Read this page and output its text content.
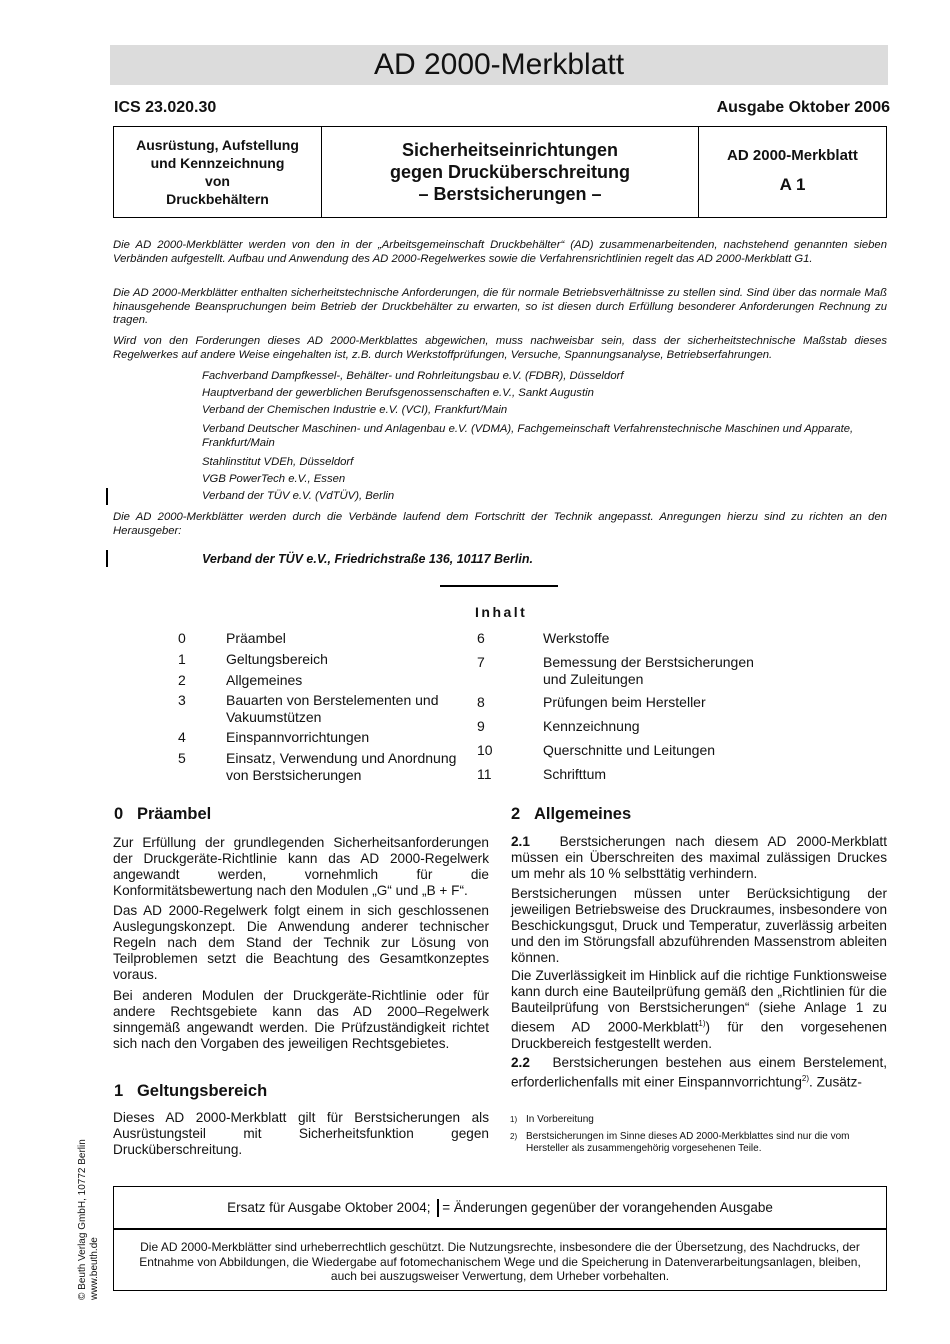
AD 2000-Merkblatt
ICS 23.020.30	Ausgabe Oktober 2006
Ausrüstung, Aufstellung
und Kennzeichnung
von
Druckbehältern
Sicherheitseinrichtungen
gegen Drucküberschreitung
– Berstsicherungen –
AD 2000-Merkblatt
A 1
Die AD 2000-Merkblätter werden von den in der „Arbeitsgemeinschaft Druckbehälter“ (AD) zusammenarbeitenden, nachstehend genannten sieben Verbänden aufgestellt. Aufbau und Anwendung des AD 2000-Regelwerkes sowie die Verfahrensrichtlinien regelt das AD 2000-Merkblatt G1.
Die AD 2000-Merkblätter enthalten sicherheitstechnische Anforderungen, die für normale Betriebsverhältnisse zu stellen sind. Sind über das normale Maß hinausgehende Beanspruchungen beim Betrieb der Druckbehälter zu erwarten, so ist diesen durch Erfüllung besonderer Anforderungen Rechnung zu tragen.
Wird von den Forderungen dieses AD 2000-Merkblattes abgewichen, muss nachweisbar sein, dass der sicherheitstechnische Maßstab dieses Regelwerkes auf andere Weise eingehalten ist, z.B. durch Werkstoffprüfungen, Versuche, Spannungsanalyse, Betriebserfahrungen.
Fachverband Dampfkessel-, Behälter- und Rohrleitungsbau e.V. (FDBR), Düsseldorf
Hauptverband der gewerblichen Berufsgenossenschaften e.V., Sankt Augustin
Verband der Chemischen Industrie e.V. (VCI), Frankfurt/Main
Verband Deutscher Maschinen- und Anlagenbau e.V. (VDMA), Fachgemeinschaft Verfahrenstechnische Maschinen und Apparate, Frankfurt/Main
Stahlinstitut VDEh, Düsseldorf
VGB PowerTech e.V., Essen
Verband der TÜV e.V. (VdTÜV), Berlin
Die AD 2000-Merkblätter werden durch die Verbände laufend dem Fortschritt der Technik angepasst. Anregungen hierzu sind zu richten an den Herausgeber:
Verband der TÜV e.V., Friedrichstraße 136, 10117 Berlin.
Inhalt
0	Präambel
1	Geltungsbereich
2	Allgemeines
3	Bauarten von Berstelementen und Vakuumstützen
4	Einspannvorrichtungen
5	Einsatz, Verwendung und Anordnung von Berstsicherungen
6	Werkstoffe
7	Bemessung der Berstsicherungen und Zuleitungen
8	Prüfungen beim Hersteller
9	Kennzeichnung
10	Querschnitte und Leitungen
11	Schrifttum
0 Präambel
Zur Erfüllung der grundlegenden Sicherheitsanforderungen der Druckgeräte-Richtlinie kann das AD 2000-Regelwerk angewandt werden, vornehmlich für die Konformitätsbewertung nach den Modulen „G“ und „B + F“.
Das AD 2000-Regelwerk folgt einem in sich geschlossenen Auslegungskonzept. Die Anwendung anderer technischer Regeln nach dem Stand der Technik zur Lösung von Teilproblemen setzt die Beachtung des Gesamtkonzeptes voraus.
Bei anderen Modulen der Druckgeräte-Richtlinie oder für andere Rechtsgebiete kann das AD 2000–Regelwerk sinngemäß angewandt werden. Die Prüfzuständigkeit richtet sich nach den Vorgaben des jeweiligen Rechtsgebietes.
1 Geltungsbereich
Dieses AD 2000-Merkblatt gilt für Berstsicherungen als Ausrüstungsteil mit Sicherheitsfunktion gegen Drucküberschreitung.
2 Allgemeines
2.1 Berstsicherungen nach diesem AD 2000-Merkblatt müssen ein Überschreiten des maximal zulässigen Druckes um mehr als 10 % selbsttätig verhindern.
Berstsicherungen müssen unter Berücksichtigung der jeweiligen Betriebsweise des Druckraumes, insbesondere von Beschickungsgut, Druck und Temperatur, zuverlässig arbeiten und den im Störungsfall abzuführenden Massenstrom ableiten können.
Die Zuverlässigkeit im Hinblick auf die richtige Funktionsweise kann durch eine Bauteilprüfung gemäß den „Richtlinien für die Bauteilprüfung von Berstsicherungen“ (siehe Anlage 1 zu diesem AD 2000-Merkblatt$^{1)}$) für den vorgesehenen Druckbereich festgestellt werden.
2.2 Berstsicherungen bestehen aus einem Berstelement, erforderlichenfalls mit einer Einspannvorrichtung$^{2)}$. Zusätz-
1) In Vorbereitung
2) Berstsicherungen im Sinne dieses AD 2000-Merkblattes sind nur die vom Hersteller als zusammengehörig vorgesehenen Teile.
© Beuth Verlag GmbH, 10772 Berlin www.beuth.de
Ersatz für Ausgabe Oktober 2004; = Änderungen gegenüber der vorangehenden Ausgabe
Die AD 2000-Merkblätter sind urheberrechtlich geschützt. Die Nutzungsrechte, insbesondere die der Übersetzung, des Nachdrucks, der Entnahme von Abbildungen, die Wiedergabe auf fotomechanischem Wege und die Speicherung in Datenverarbeitungsanlagen, bleiben, auch bei auszugsweiser Verwertung, dem Urheber vorbehalten.
